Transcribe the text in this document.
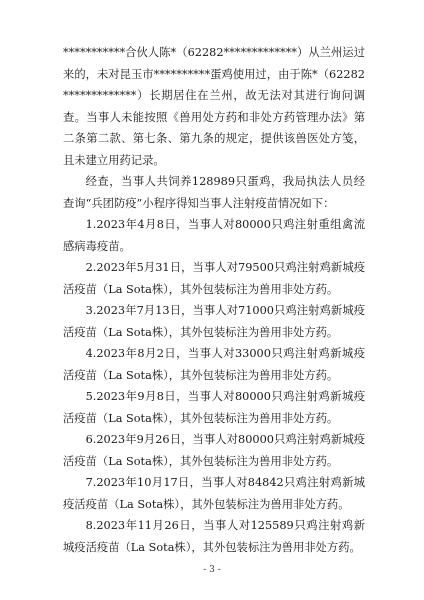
***********合伙人陈*（62282*************）从兰州运过来的，未对昆玉市**********蛋鸡使用过，由于陈*（62282*************）长期居住在兰州，故无法对其进行询问调查。当事人未能按照《兽用处方药和非处方药管理办法》第二条第二款、第七条、第九条的规定，提供该兽医处方笺，且未建立用药记录。

经查，当事人共饲养128989只蛋鸡，我局执法人员经查询“兵团防疫”小程序得知当事人注射疫苗情况如下：

1.2023年4月8日，当事人对80000只鸡注射重组禽流感病毒疫苗。

2.2023年5月31日，当事人对79500只鸡注射鸡新城疫活疫苗（La Sota株），其外包装标注为兽用非处方药。

3.2023年7月13日，当事人对71000只鸡注射鸡新城疫活疫苗（La Sota株），其外包装标注为兽用非处方药。

4.2023年8月2日，当事人对33000只鸡注射鸡新城疫活疫苗（La Sota株），其外包装标注为兽用非处方药。

5.2023年9月8日，当事人对80000只鸡注射鸡新城疫活疫苗（La Sota株），其外包装标注为兽用非处方药。

6.2023年9月26日，当事人对80000只鸡注射鸡新城疫活疫苗（La Sota株），其外包装标注为兽用非处方药。

7.2023年10月17日，当事人对84842只鸡注射鸡新城疫活疫苗（La Sota株），其外包装标注为兽用非处方药。

8.2023年11月26日，当事人对125589只鸡注射鸡新城疫活疫苗（La Sota株），其外包装标注为兽用非处方药。

- 3 -
